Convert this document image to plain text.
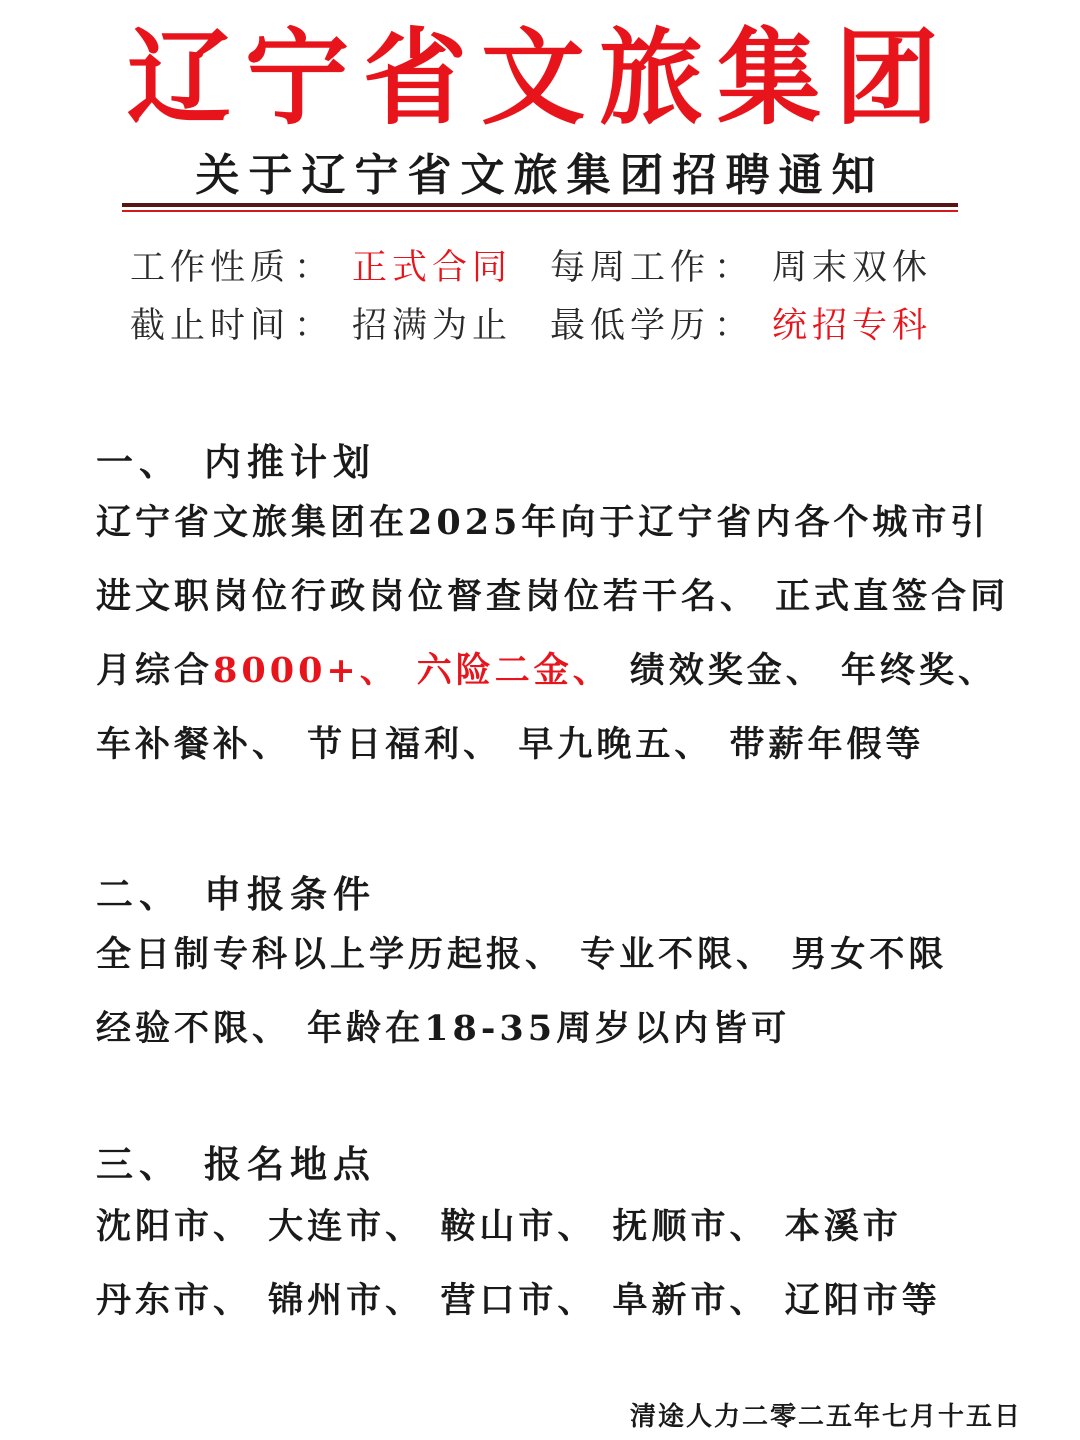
辽宁省文旅集团
关于辽宁省文旅集团招聘通知
工作性质 ： 正式合同 每周工作 ： 周末双休
截止时间 ： 招满为止 最低学历 ： 统招专科
一、 内推计划
辽宁省文旅集团在2025年向于辽宁省内各个城市引
进文职岗位行政岗位督查岗位若干名、 正式直签合同
月综合8000+、 六险二金、 绩效奖金、 年终奖、
车补餐补、 节日福利、 早九晚五、 带薪年假等
二、 申报条件
全日制专科以上学历起报、 专业不限、 男女不限
经验不限、 年龄在18-35周岁以内皆可
三、 报名地点
沈阳市、 大连市、 鞍山市、 抚顺市、 本溪市
丹东市、 锦州市、 营口市、 阜新市、 辽阳市等
清途人力二零二五年七月十五日
